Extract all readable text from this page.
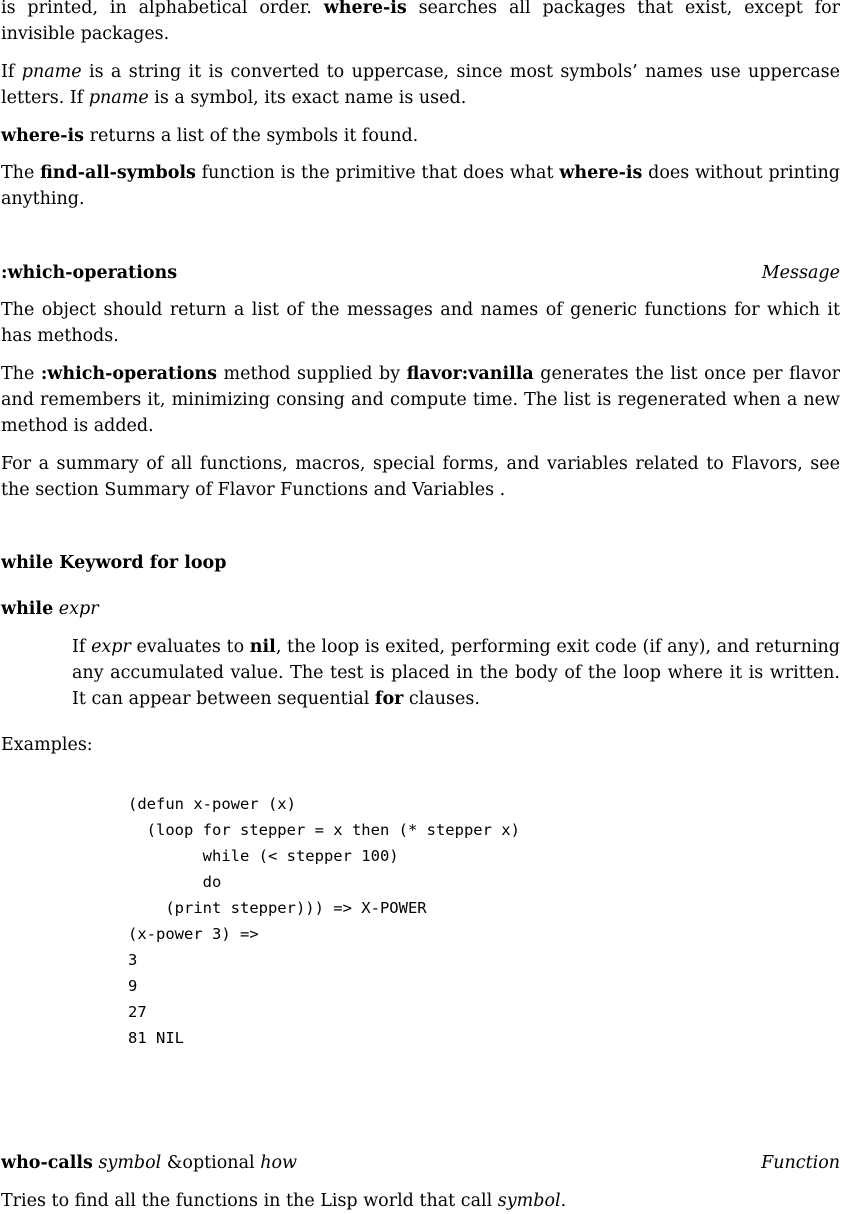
is printed, in alphabetical order. where-is searches all packages that exist, except for invisible packages.
If pname is a string it is converted to uppercase, since most symbols’ names use uppercase letters. If pname is a symbol, its exact name is used.
where-is returns a list of the symbols it found.
The find-all-symbols function is the primitive that does what where-is does without printing anything.
:which-operations	Message
The object should return a list of the messages and names of generic functions for which it has methods.
The :which-operations method supplied by flavor:vanilla generates the list once per flavor and remembers it, minimizing consing and compute time. The list is regenerated when a new method is added.
For a summary of all functions, macros, special forms, and variables related to Flavors, see the section Summary of Flavor Functions and Variables .
while Keyword for loop
while expr
If expr evaluates to nil, the loop is exited, performing exit code (if any), and returning any accumulated value. The test is placed in the body of the loop where it is written. It can appear between sequential for clauses.
Examples:
(defun x-power (x)
(loop for stepper = x then (* stepper x)
while (< stepper 100)
do
(print stepper))) => X-POWER
(x-power 3) =>
3
9
27
81 NIL
who-calls symbol &optional how	Function
Tries to find all the functions in the Lisp world that call symbol.
